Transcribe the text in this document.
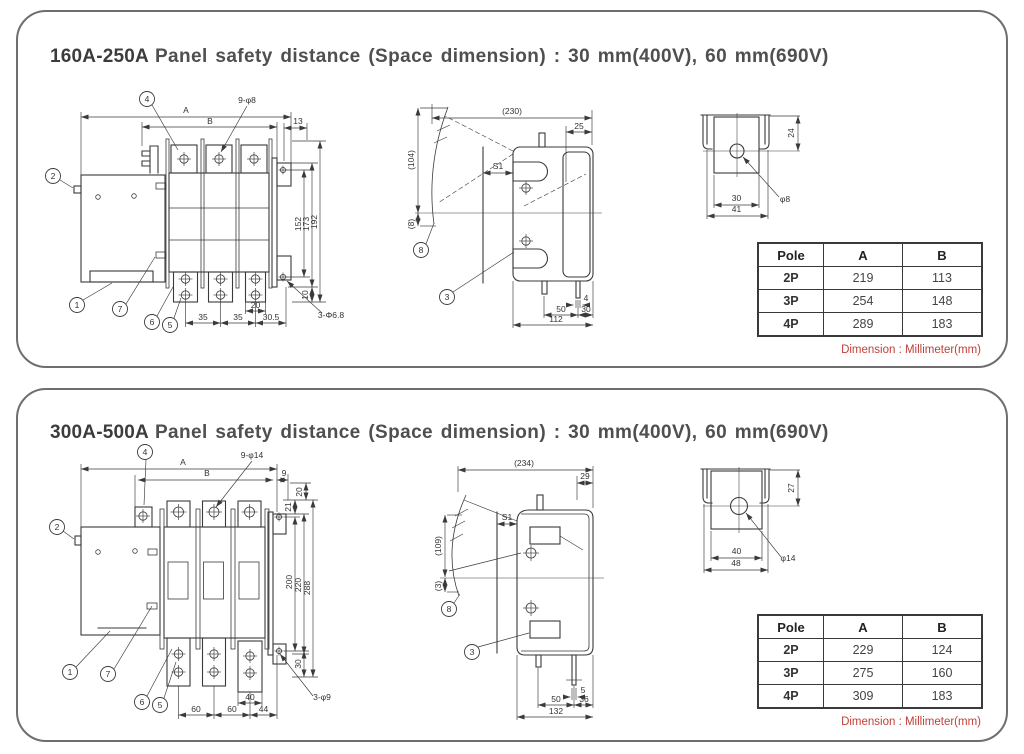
160A-250A Panel safety distance (Space dimension) : 30 mm(400V), 60 mm(690V)
A
B	13
9-φ8
152
173
192
10
3-Φ6.8
20
35	35 30.5
4
2
1	7
6 5
(230)
25
(104)
(8)
S1
4
50 30
112
8
3
24
30
41
φ8
Pole	A	B
2P	219	113
3P	254	148
4P	289	183
Dimension : Millimeter(mm)
300A-500A Panel safety distance (Space dimension) : 30 mm(400V), 60 mm(690V)
A
B
9-φ14
9
20
21
200 220 288
30
3-φ9
40
60	60	44
4
2
1	7
6 5
(234)
29
(109)
(3)
S1
5
50 36
132
8
3
27
40
48	φ14
Pole	A	B
2P	229	124
3P	275	160
4P	309	183
Dimension : Millimeter(mm)
